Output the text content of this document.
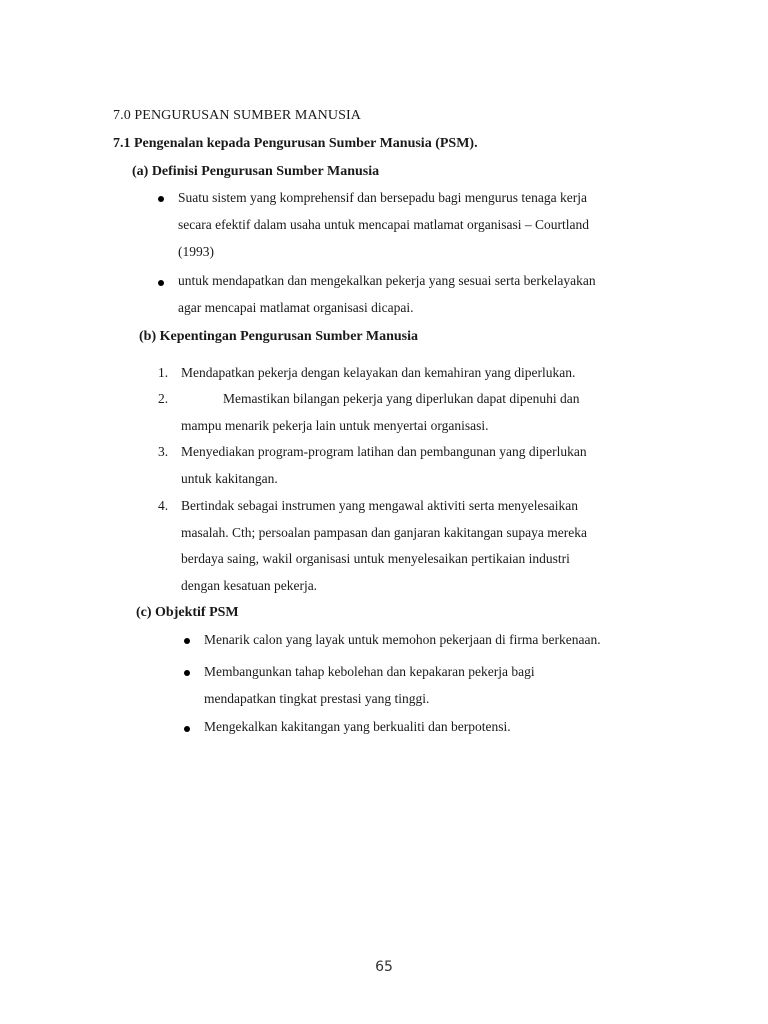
7.0 PENGURUSAN SUMBER MANUSIA
7.1 Pengenalan kepada Pengurusan Sumber Manusia (PSM).
(a) Definisi Pengurusan Sumber Manusia
Suatu sistem yang komprehensif dan bersepadu bagi mengurus tenaga kerja
secara efektif dalam usaha untuk mencapai matlamat organisasi – Courtland
(1993)
untuk mendapatkan dan mengekalkan pekerja yang sesuai serta berkelayakan
agar mencapai matlamat organisasi dicapai.
(b) Kepentingan Pengurusan Sumber Manusia
1. Mendapatkan pekerja dengan kelayakan dan kemahiran yang diperlukan.
2.	Memastikan bilangan pekerja yang diperlukan dapat dipenuhi dan
mampu menarik pekerja lain untuk menyertai organisasi.
3. Menyediakan program-program latihan dan pembangunan yang diperlukan
untuk kakitangan.
4. Bertindak sebagai instrumen yang mengawal aktiviti serta menyelesaikan
masalah. Cth; persoalan pampasan dan ganjaran kakitangan supaya mereka
berdaya saing, wakil organisasi untuk menyelesaikan pertikaian industri
dengan kesatuan pekerja.
(c) Objektif PSM
Menarik calon yang layak untuk memohon pekerjaan di firma berkenaan.
Membangunkan tahap kebolehan dan kepakaran pekerja bagi
mendapatkan tingkat prestasi yang tinggi.
Mengekalkan kakitangan yang berkualiti dan berpotensi.
65
